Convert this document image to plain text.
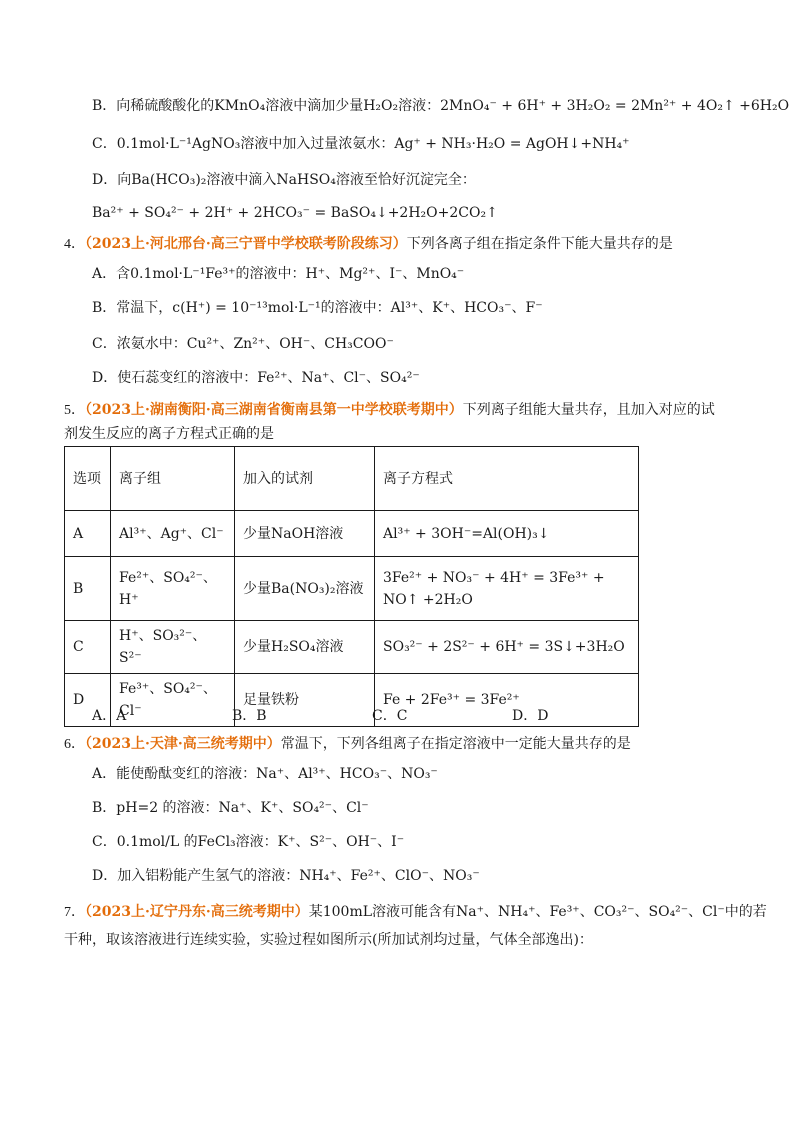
B．向稀硫酸酸化的KMnO₄溶液中滴加少量H₂O₂溶液：2MnO₄⁻ + 6H⁺ + 3H₂O₂ = 2Mn²⁺ + 4O₂↑ +6H₂O
C．0.1mol·L⁻¹AgNO₃溶液中加入过量浓氨水：Ag⁺ + NH₃·H₂O = AgOH↓+NH₄⁺
D．向Ba(HCO₃)₂溶液中滴入NaHSO₄溶液至恰好沉淀完全：
Ba²⁺ + SO₄²⁻ + 2H⁺ + 2HCO₃⁻ = BaSO₄↓+2H₂O+2CO₂↑
4．（2023上·河北邢台·高三宁晋中学校联考阶段练习）下列各离子组在指定条件下能大量共存的是
A．含0.1mol·L⁻¹Fe³⁺的溶液中：H⁺、Mg²⁺、I⁻、MnO₄⁻
B．常温下，c(H⁺) = 10⁻¹³mol·L⁻¹的溶液中：Al³⁺、K⁺、HCO₃⁻、F⁻
C．浓氨水中：Cu²⁺、Zn²⁺、OH⁻、CH₃COO⁻
D．使石蕊变红的溶液中：Fe²⁺、Na⁺、Cl⁻、SO₄²⁻
5．（2023上·湖南衡阳·高三湖南省衡南县第一中学校联考期中）下列离子组能大量共存，且加入对应的试
剂发生反应的离子方程式正确的是
选项	离子组	加入的试剂	离子方程式
A	Al³⁺、Ag⁺、Cl⁻	少量NaOH溶液	Al³⁺ + 3OH⁻=Al(OH)₃↓
B	Fe²⁺、SO₄²⁻、H⁺	少量Ba(NO₃)₂溶液	3Fe²⁺ + NO₃⁻ + 4H⁺ = 3Fe³⁺ + NO↑ +2H₂O
C	H⁺、SO₃²⁻、S²⁻	少量H₂SO₄溶液	SO₃²⁻ + 2S²⁻ + 6H⁺ = 3S↓+3H₂O
D	Fe³⁺、SO₄²⁻、Cl⁻	足量铁粉	Fe + 2Fe³⁺ = 3Fe²⁺
A．A	B．B	C．C	D．D
6．（2023上·天津·高三统考期中）常温下，下列各组离子在指定溶液中一定能大量共存的是
A．能使酚酞变红的溶液：Na⁺、Al³⁺、HCO₃⁻、NO₃⁻
B．pH=2 的溶液：Na⁺、K⁺、SO₄²⁻、Cl⁻
C．0.1mol/L 的FeCl₃溶液：K⁺、S²⁻、OH⁻、I⁻
D．加入铝粉能产生氢气的溶液：NH₄⁺、Fe²⁺、ClO⁻、NO₃⁻
7．（2023上·辽宁丹东·高三统考期中）某100mL溶液可能含有Na⁺、NH₄⁺、Fe³⁺、CO₃²⁻、SO₄²⁻、Cl⁻中的若
干种，取该溶液进行连续实验，实验过程如图所示(所加试剂均过量，气体全部逸出)：
